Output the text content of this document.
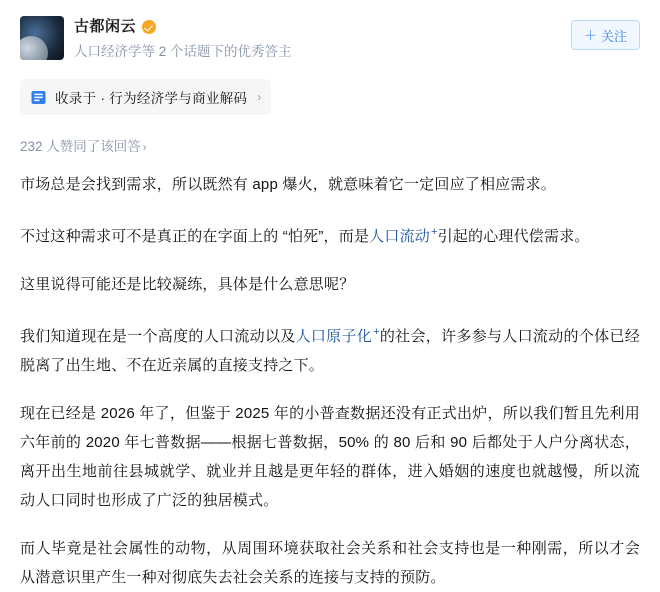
古都闲云
人口经济学等 2 个话题下的优秀答主
＋ 关注
收录于 · 行为经济学与商业解码 ›
232 人赞同了该回答 ›

市场总是会找到需求，所以既然有 app 爆火，就意味着它一定回应了相应需求。

不过这种需求可不是真正的在字面上的 “怕死”，而是人口流动+引起的心理代偿需求。

这里说得可能还是比较凝练，具体是什么意思呢？

我们知道现在是一个高度的人口流动以及人口原子化+的社会，许多参与人口流动的个体已经脱离了出生地、不在近亲属的直接支持之下。

现在已经是 2026 年了，但鉴于 2025 年的小普查数据还没有正式出炉，所以我们暂且先利用六年前的 2020 年七普数据——根据七普数据，50% 的 80 后和 90 后都处于人户分离状态，离开出生地前往县城就学、就业并且越是更年轻的群体，进入婚姻的速度也就越慢，所以流动人口同时也形成了广泛的独居模式。

而人毕竟是社会属性的动物，从周围环境获取社会关系和社会支持也是一种刚需，所以才会从潜意识里产生一种对彻底失去社会关系的连接与支持的预防。
